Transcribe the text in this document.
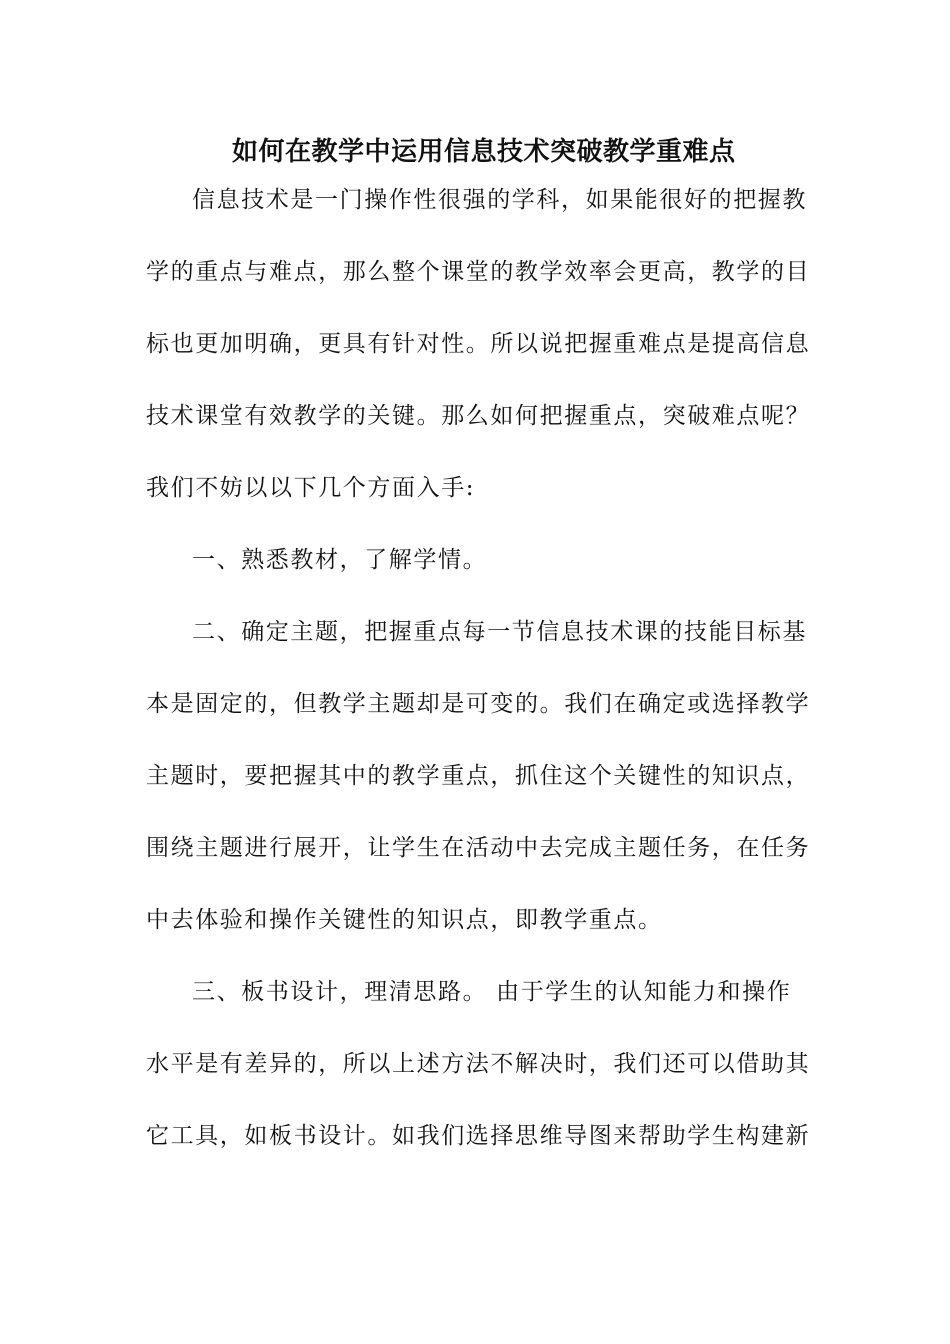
如何在教学中运用信息技术突破教学重难点

信息技术是一门操作性很强的学科，如果能很好的把握教

学的重点与难点，那么整个课堂的教学效率会更高，教学的目

标也更加明确，更具有针对性。所以说把握重难点是提高信息

技术课堂有效教学的关键。那么如何把握重点，突破难点呢？

我们不妨以以下几个方面入手:

一、熟悉教材，了解学情。

二、确定主题，把握重点每一节信息技术课的技能目标基

本是固定的，但教学主题却是可变的。我们在确定或选择教学

主题时，要把握其中的教学重点，抓住这个关键性的知识点，

围绕主题进行展开，让学生在活动中去完成主题任务，在任务

中去体验和操作关键性的知识点，即教学重点。

三、板书设计，理清思路。 由于学生的认知能力和操作

水平是有差异的，所以上述方法不解决时，我们还可以借助其

它工具，如板书设计。如我们选择思维导图来帮助学生构建新
